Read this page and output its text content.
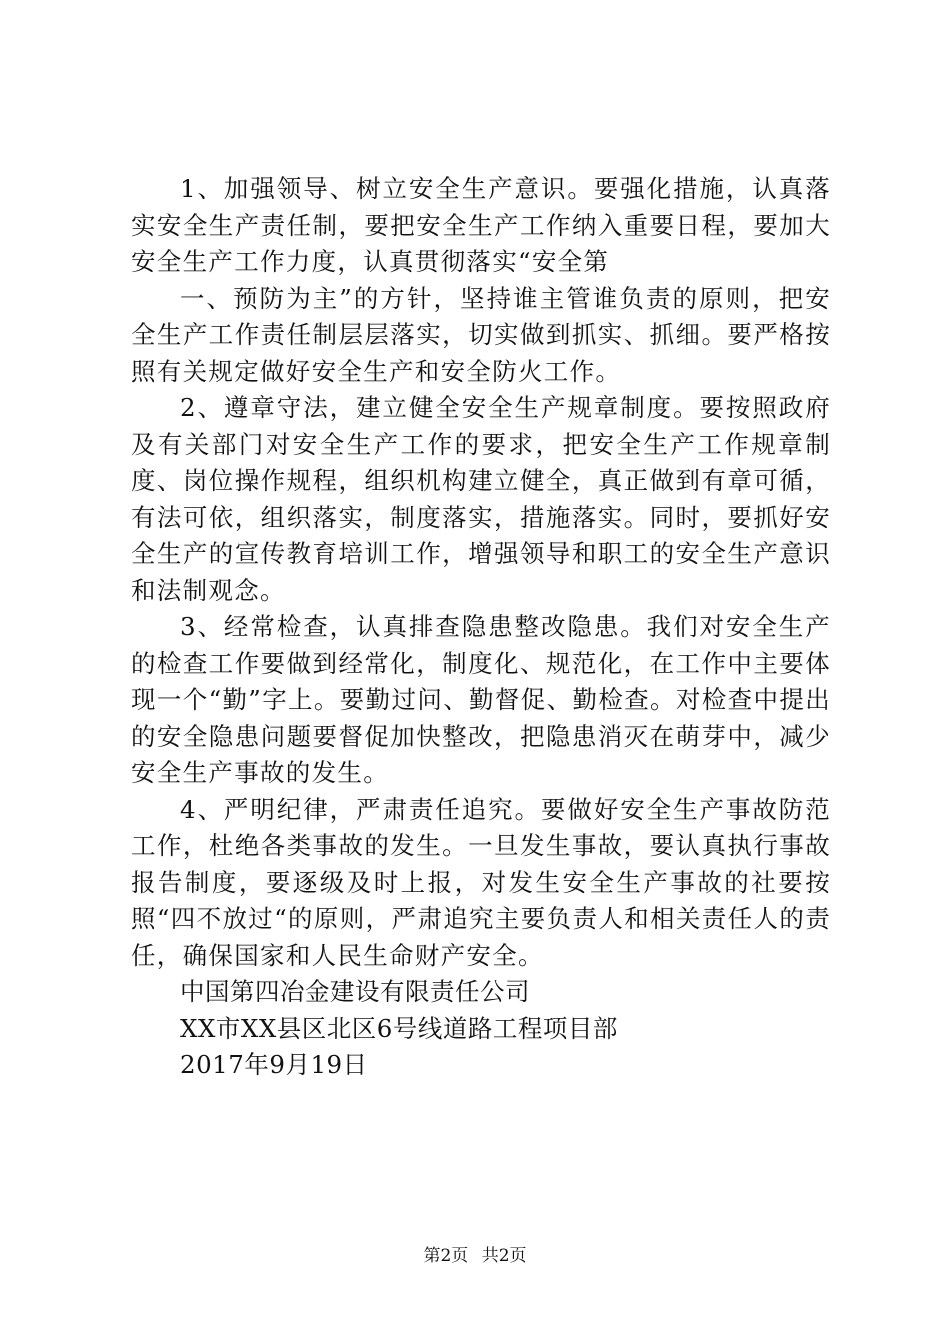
1、加强领导、树立安全生产意识。要强化措施，认真落实安全生产责任制，要把安全生产工作纳入重要日程，要加大安全生产工作力度，认真贯彻落实“安全第

一、预防为主”的方针，坚持谁主管谁负责的原则，把安全生产工作责任制层层落实，切实做到抓实、抓细。要严格按照有关规定做好安全生产和安全防火工作。

2、遵章守法，建立健全安全生产规章制度。要按照政府及有关部门对安全生产工作的要求，把安全生产工作规章制度、岗位操作规程，组织机构建立健全，真正做到有章可循，有法可依，组织落实，制度落实，措施落实。同时，要抓好安全生产的宣传教育培训工作，增强领导和职工的安全生产意识和法制观念。

3、经常检查，认真排查隐患整改隐患。我们对安全生产的检查工作要做到经常化，制度化、规范化，在工作中主要体现一个“勤”字上。要勤过问、勤督促、勤检查。对检查中提出的安全隐患问题要督促加快整改，把隐患消灭在萌芽中，减少安全生产事故的发生。

4、严明纪律，严肃责任追究。要做好安全生产事故防范工作，杜绝各类事故的发生。一旦发生事故，要认真执行事故报告制度，要逐级及时上报，对发生安全生产事故的社要按照“四不放过“的原则，严肃追究主要负责人和相关责任人的责任，确保国家和人民生命财产安全。

中国第四冶金建设有限责任公司

XX市XX县区北区6号线道路工程项目部

2017年9月19日

第2页 共2页
